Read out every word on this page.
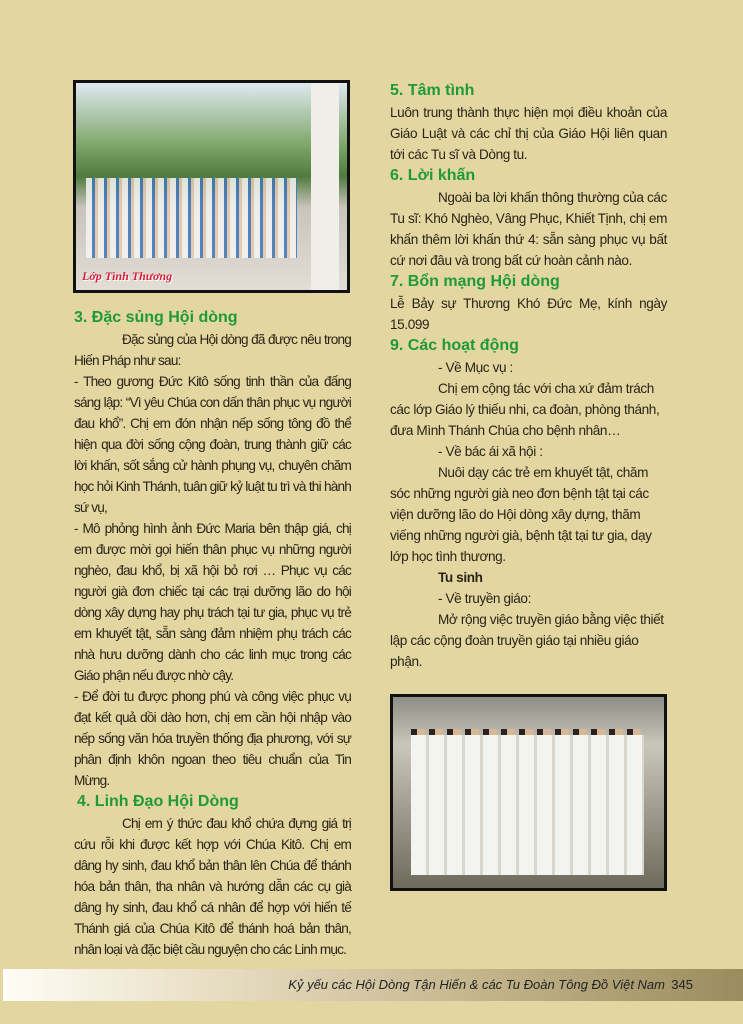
Lớp Tình Thương
3. Đặc sủng Hội dòng

Đặc sủng của Hội dòng đã được nêu trong Hiến Pháp như sau:

- Theo gương Đức Kitô sống tinh thần của đấng sáng lập: “Vì yêu Chúa con dấn thân phục vụ người đau khổ”. Chị em đón nhận nếp sống tông đồ thể hiện qua đời sống cộng đoàn, trung thành giữ các lời khấn, sốt sắng cử hành phụng vụ, chuyên chăm học hỏi Kinh Thánh, tuân giữ kỷ luật tu trì và thi hành sứ vụ,

- Mô phỏng hình ảnh Đức Maria bên thập giá, chị em được mời gọi hiến thân phục vụ những người nghèo, đau khổ, bị xã hội bỏ rơi … Phục vụ các người già đơn chiếc tại các trại dưỡng lão do hội dòng xây dựng hay phụ trách tại tư gia, phục vụ trẻ em khuyết tật, sẵn sàng đảm nhiệm phụ trách các nhà hưu dưỡng dành cho các linh mục trong các Giáo phận nếu được nhờ cậy.

- Để đời tu được phong phú và công việc phục vụ đạt kết quả dồi dào hơn, chị em cần hội nhập vào nếp sống văn hóa truyền thống địa phương, với sự phân định khôn ngoan theo tiêu chuẩn của Tin Mừng.

4. Linh Đạo Hội Dòng

Chị em ý thức đau khổ chứa đựng giá trị cứu rỗi khi được kết hợp với Chúa Kitô. Chị em dâng hy sinh, đau khổ bản thân lên Chúa để thánh hóa bản thân, tha nhân và hướng dẫn các cụ già dâng hy sinh, đau khổ cá nhân để hợp với hiến tế Thánh giá của Chúa Kitô để thánh hoá bản thân, nhân loại và đặc biệt cầu nguyện cho các Linh mục.

5. Tâm tình

Luôn trung thành thực hiện mọi điều khoản của Giáo Luật và các chỉ thị của Giáo Hội liên quan tới các Tu sĩ và Dòng tu.

6. Lời khấn

Ngoài ba lời khấn thông thường của các Tu sĩ: Khó Nghèo, Vâng Phục, Khiết Tịnh, chị em khấn thêm lời khấn thứ 4: sẵn sàng phục vụ bất cứ nơi đâu và trong bất cứ hoàn cảnh nào.

7. Bổn mạng Hội dòng

Lễ Bảy sự Thương Khó Đức Mẹ, kính ngày 15.099

9. Các hoạt động

- Về Mục vụ :

Chị em cộng tác với cha xứ đảm trách các lớp Giáo lý thiếu nhi, ca đoàn, phòng thánh, đưa Mình Thánh Chúa cho bệnh nhân…

- Về bác ái xã hội :

Nuôi dạy các trẻ em khuyết tật, chăm sóc những người già neo đơn bệnh tật tại các viện dưỡng lão do Hội dòng xây dựng, thăm viếng những người già, bệnh tật tại tư gia, dạy lớp học tình thương.

Tu sinh

- Về truyền giáo:

Mở rộng việc truyền giáo bằng việc thiết lập các cộng đoàn truyền giáo tại nhiều giáo phận.

Kỷ yếu các Hội Dòng Tận Hiến & các Tu Đoàn Tông Đồ Việt Nam 345
